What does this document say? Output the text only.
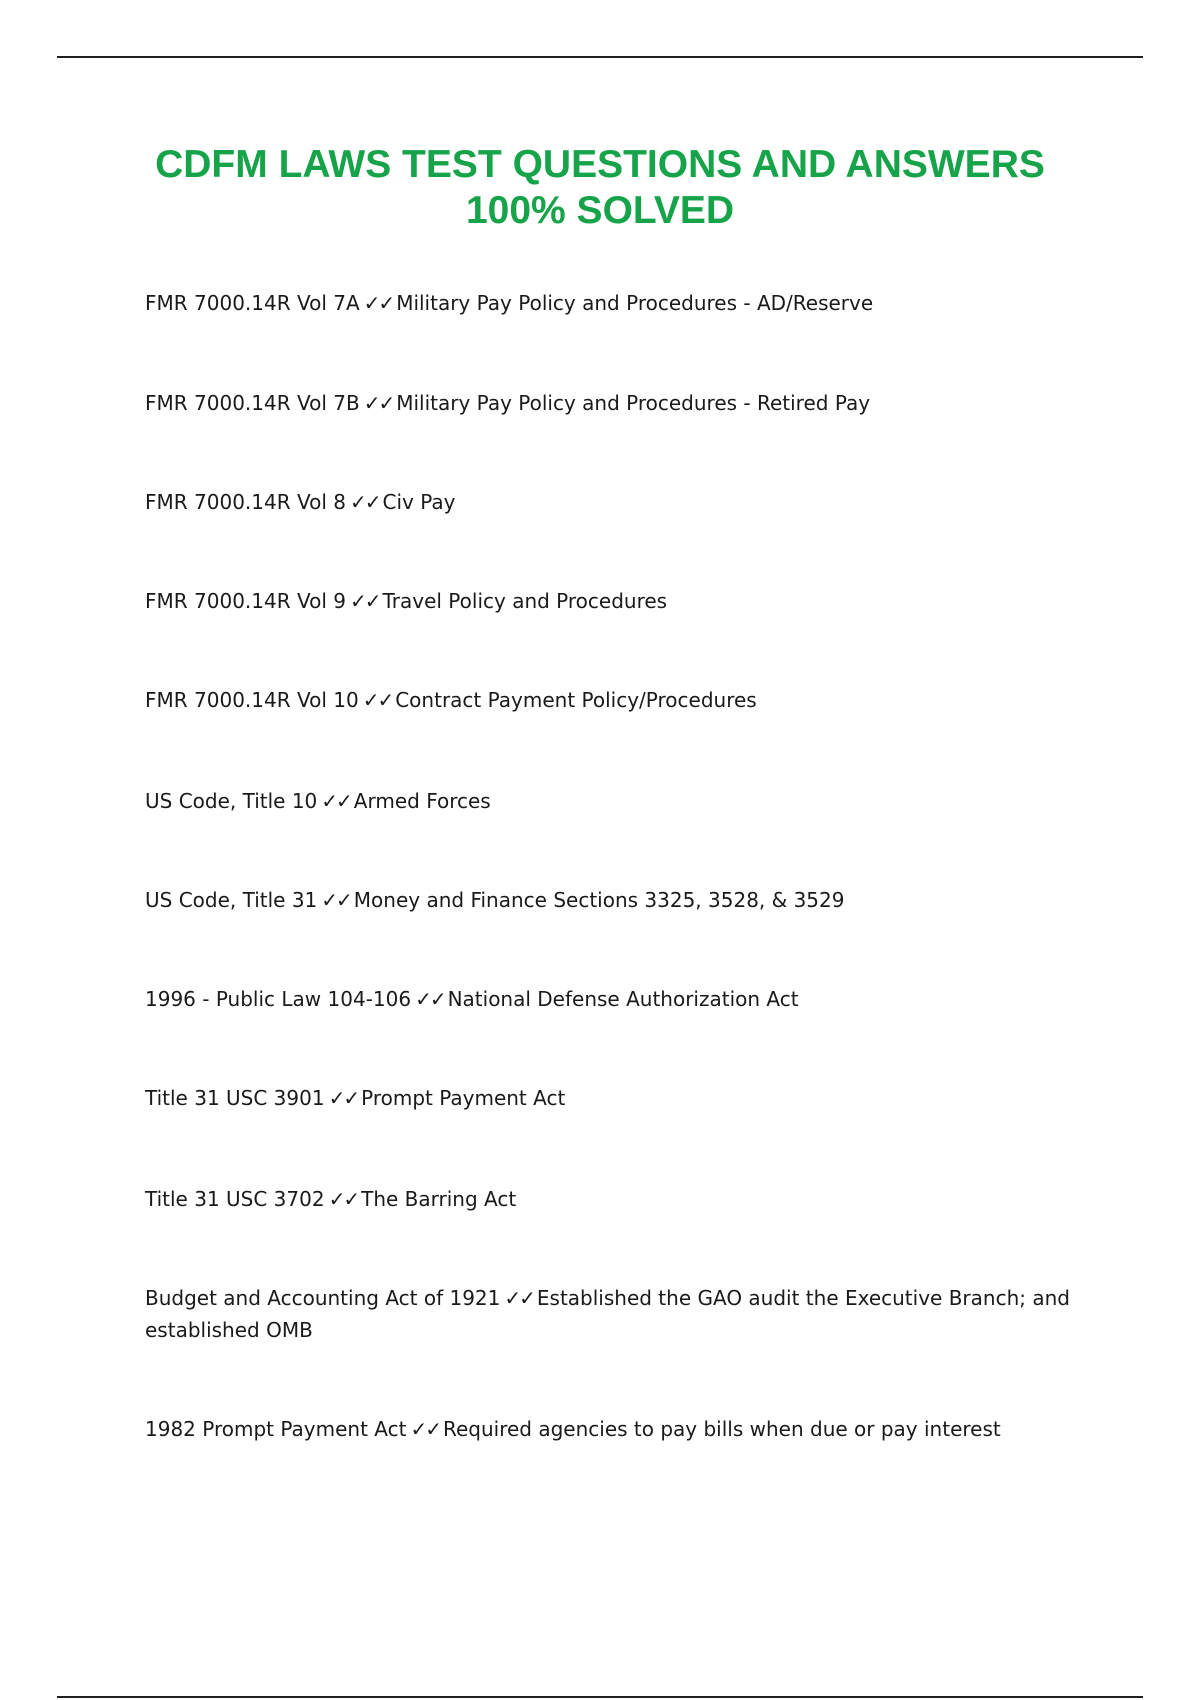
CDFM LAWS TEST QUESTIONS AND ANSWERS
100% SOLVED
FMR 7000.14R Vol 7A ✓✓ Military Pay Policy and Procedures - AD/Reserve
FMR 7000.14R Vol 7B ✓✓ Military Pay Policy and Procedures - Retired Pay
FMR 7000.14R Vol 8 ✓✓ Civ Pay
FMR 7000.14R Vol 9 ✓✓ Travel Policy and Procedures
FMR 7000.14R Vol 10 ✓✓ Contract Payment Policy/Procedures
US Code, Title 10 ✓✓ Armed Forces
US Code, Title 31 ✓✓ Money and Finance Sections 3325, 3528, & 3529
1996 - Public Law 104-106 ✓✓ National Defense Authorization Act
Title 31 USC 3901 ✓✓ Prompt Payment Act
Title 31 USC 3702 ✓✓ The Barring Act
Budget and Accounting Act of 1921 ✓✓ Established the GAO audit the Executive Branch; and established OMB
1982 Prompt Payment Act ✓✓ Required agencies to pay bills when due or pay interest
